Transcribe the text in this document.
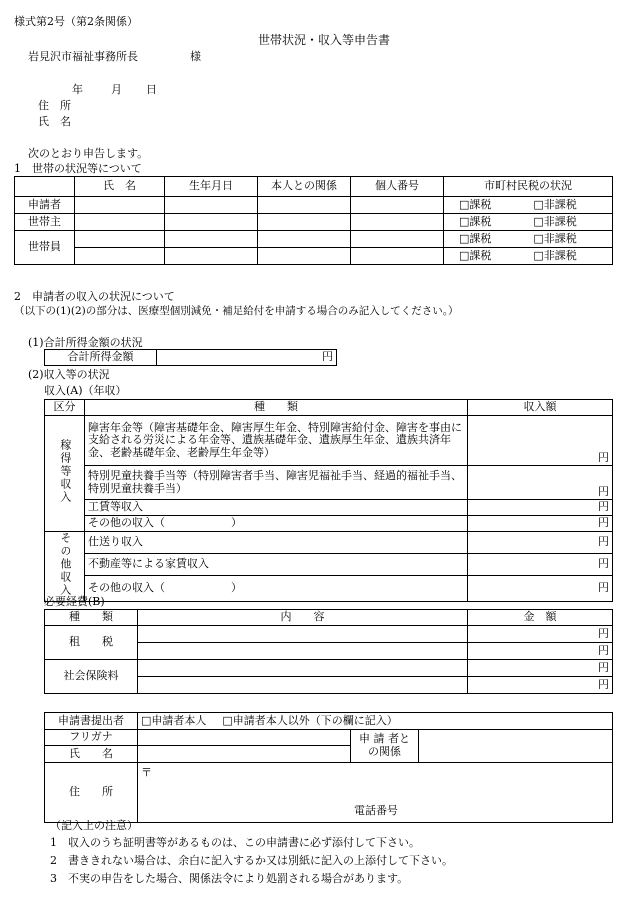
様式第2号（第2条関係）
世帯状況・収入等申告書
岩見沢市福祉事務所長	様
年	月 日
住　所
氏　名
次のとおり申告します。
1　世帯の状況等について
	氏　名	生年月日	本人との関係	個人番号	市町村民税の状況
申請者					□課税 □非課税
世帯主					□課税 □非課税
世帯員					□課税 □非課税
					□課税 □非課税
2　申請者の収入の状況について
（以下の(1)(2)の部分は、医療型個別減免・補足給付を申請する場合のみ記入してください。）
(1)合計所得金額の状況
合計所得金額	円
(2)収入等の状況
収入(A)（年収）
区分	種　　類	収入額
稼得等収入	障害年金等（障害基礎年金、障害厚生年金、特別障害給付金、障害を事由に支給される労災による年金等、遺族基礎年金、遺族厚生年金、遺族共済年金、老齢基礎年金、老齢厚生年金等）	円
	特別児童扶養手当等（特別障害者手当、障害児福祉手当、経過的福祉手当、特別児童扶養手当）	円
	工賃等収入	円
	その他の収入（　　　　　　）	円
その他収入	仕送り収入	円
	不動産等による家賃収入	円
	その他の収入（　　　　　　）	円
必要経費(B)
種　　類	内　　容	金　額
租　　税		円
		円
社会保険料		円
		円
申請書提出者	□申請者本人 □申請者本人以外（下の欄に記入）		
フリガナ		申 請 者との関係	
氏　　名			
住　　所	〒
電話番号		
（記入上の注意）
1　収入のうち証明書等があるものは、この申請書に必ず添付して下さい。
2　書ききれない場合は、余白に記入するか又は別紙に記入の上添付して下さい。
3　不実の申告をした場合、関係法令により処罰される場合があります。
